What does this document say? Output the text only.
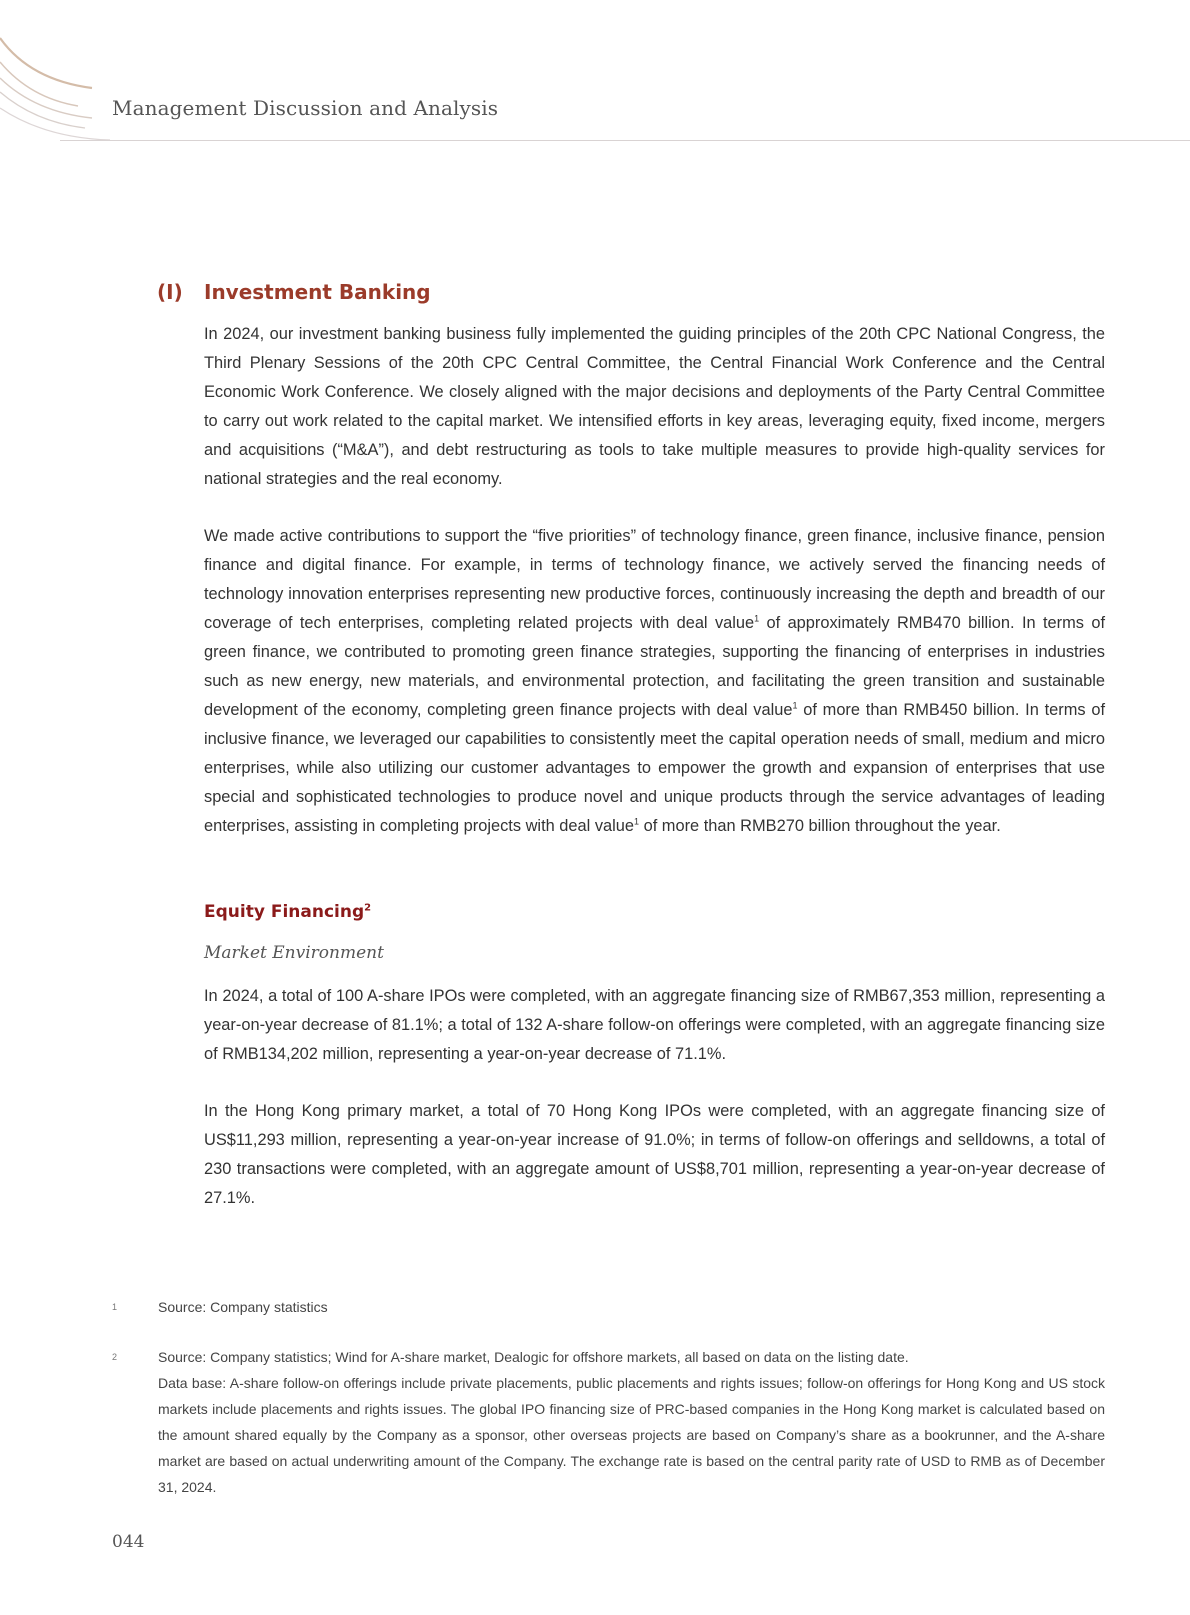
Management Discussion and Analysis
(I)	Investment Banking

In 2024, our investment banking business fully implemented the guiding principles of the 20th CPC National Congress, the Third Plenary Sessions of the 20th CPC Central Committee, the Central Financial Work Conference and the Central Economic Work Conference. We closely aligned with the major decisions and deployments of the Party Central Committee to carry out work related to the capital market. We intensified efforts in key areas, leveraging equity, fixed income, mergers and acquisitions (“M&A”), and debt restructuring as tools to take multiple measures to provide high-quality services for national strategies and the real economy.

We made active contributions to support the “five priorities” of technology finance, green finance, inclusive finance, pension finance and digital finance. For example, in terms of technology finance, we actively served the financing needs of technology innovation enterprises representing new productive forces, continuously increasing the depth and breadth of our coverage of tech enterprises, completing related projects with deal value$^1$ of approximately RMB470 billion. In terms of green finance, we contributed to promoting green finance strategies, supporting the financing of enterprises in industries such as new energy, new materials, and environmental protection, and facilitating the green transition and sustainable development of the economy, completing green finance projects with deal value$^1$ of more than RMB450 billion. In terms of inclusive finance, we leveraged our capabilities to consistently meet the capital operation needs of small, medium and micro enterprises, while also utilizing our customer advantages to empower the growth and expansion of enterprises that use special and sophisticated technologies to produce novel and unique products through the service advantages of leading enterprises, assisting in completing projects with deal value$^1$ of more than RMB270 billion throughout the year.

Equity Financing$^2$
Market Environment

In 2024, a total of 100 A-share IPOs were completed, with an aggregate financing size of RMB67,353 million, representing a year-on-year decrease of 81.1%; a total of 132 A-share follow-on offerings were completed, with an aggregate financing size of RMB134,202 million, representing a year-on-year decrease of 71.1%.

In the Hong Kong primary market, a total of 70 Hong Kong IPOs were completed, with an aggregate financing size of US$11,293 million, representing a year-on-year increase of 91.0%; in terms of follow-on offerings and selldowns, a total of 230 transactions were completed, with an aggregate amount of US$8,701 million, representing a year-on-year decrease of 27.1%.

1	Source: Company statistics

2	Source: Company statistics; Wind for A-share market, Dealogic for offshore markets, all based on data on the listing date.

Data base: A-share follow-on offerings include private placements, public placements and rights issues; follow-on offerings for Hong Kong and US stock markets include placements and rights issues. The global IPO financing size of PRC-based companies in the Hong Kong market is calculated based on the amount shared equally by the Company as a sponsor, other overseas projects are based on Company’s share as a bookrunner, and the A-share market are based on actual underwriting amount of the Company. The exchange rate is based on the central parity rate of USD to RMB as of December 31, 2024.

044
